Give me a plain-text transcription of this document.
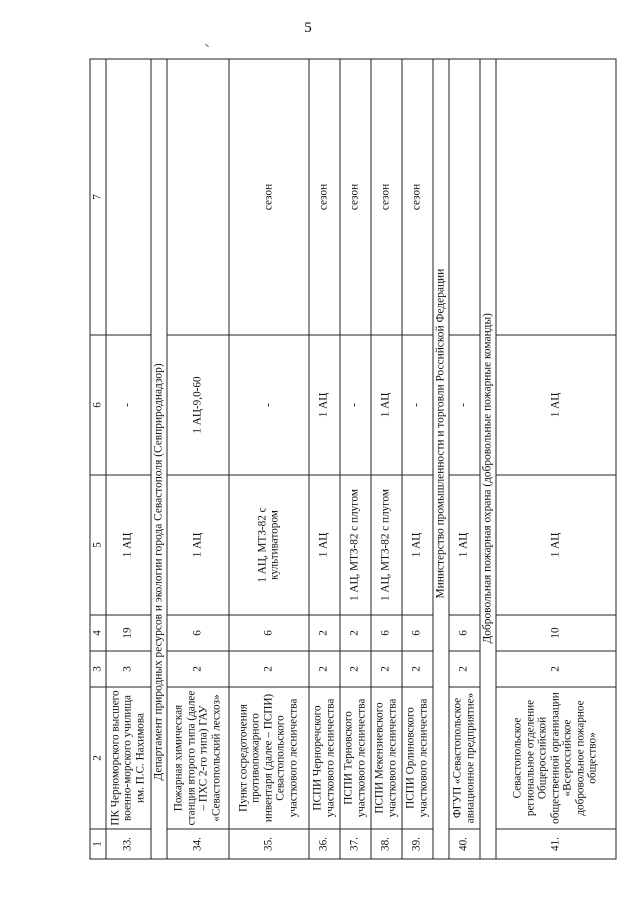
5
1	2	3	4	5	6	7
33.	ПК Черноморского высшего военно-морского училища им. П.С. Нахимова	3	19	1 АЦ	-	
Департамент природных ресурсов и экологии города Севастополя (Севприроднадзор)						
34.	Пожарная химическая станция второго типа (далее – ПХС 2-го типа) ГАУ «Севастопольский лесхоз»	2	6	1 АЦ	1 АЦ-9,0-60	
35.	Пункт сосредоточения противопожарного инвентаря (далее – ПСПИ) Севастопольского участкового лесничества	2	6	1 АЦ, МТЗ-82 с культиватором	-	сезон
36.	ПСПИ Черноречского участкового лесничества	2	2	1 АЦ	1 АЦ	сезон
37.	ПСПИ Терновского участкового лесничества	2	2	1 АЦ, МТЗ-82 с плугом	-	сезон
38.	ПСПИ Мекензиевского участкового лесничества	2	6	1 АЦ, МТЗ-82 с плугом	1 АЦ	сезон
39.	ПСПИ Орлиновского участкового лесничества	2	6	1 АЦ	-	сезон
Министерство промышленности и торговли Российской Федерации						
40.	ФГУП «Севастопольское авиационное предприятие»	2	6	1 АЦ	-	
Добровольная пожарная охрана (добровольные пожарные команды)						
41.	Севастопольское региональное отделение Общероссийской общественной организации «Всероссийское добровольное пожарное общество»	2	10	1 АЦ	1 АЦ	
